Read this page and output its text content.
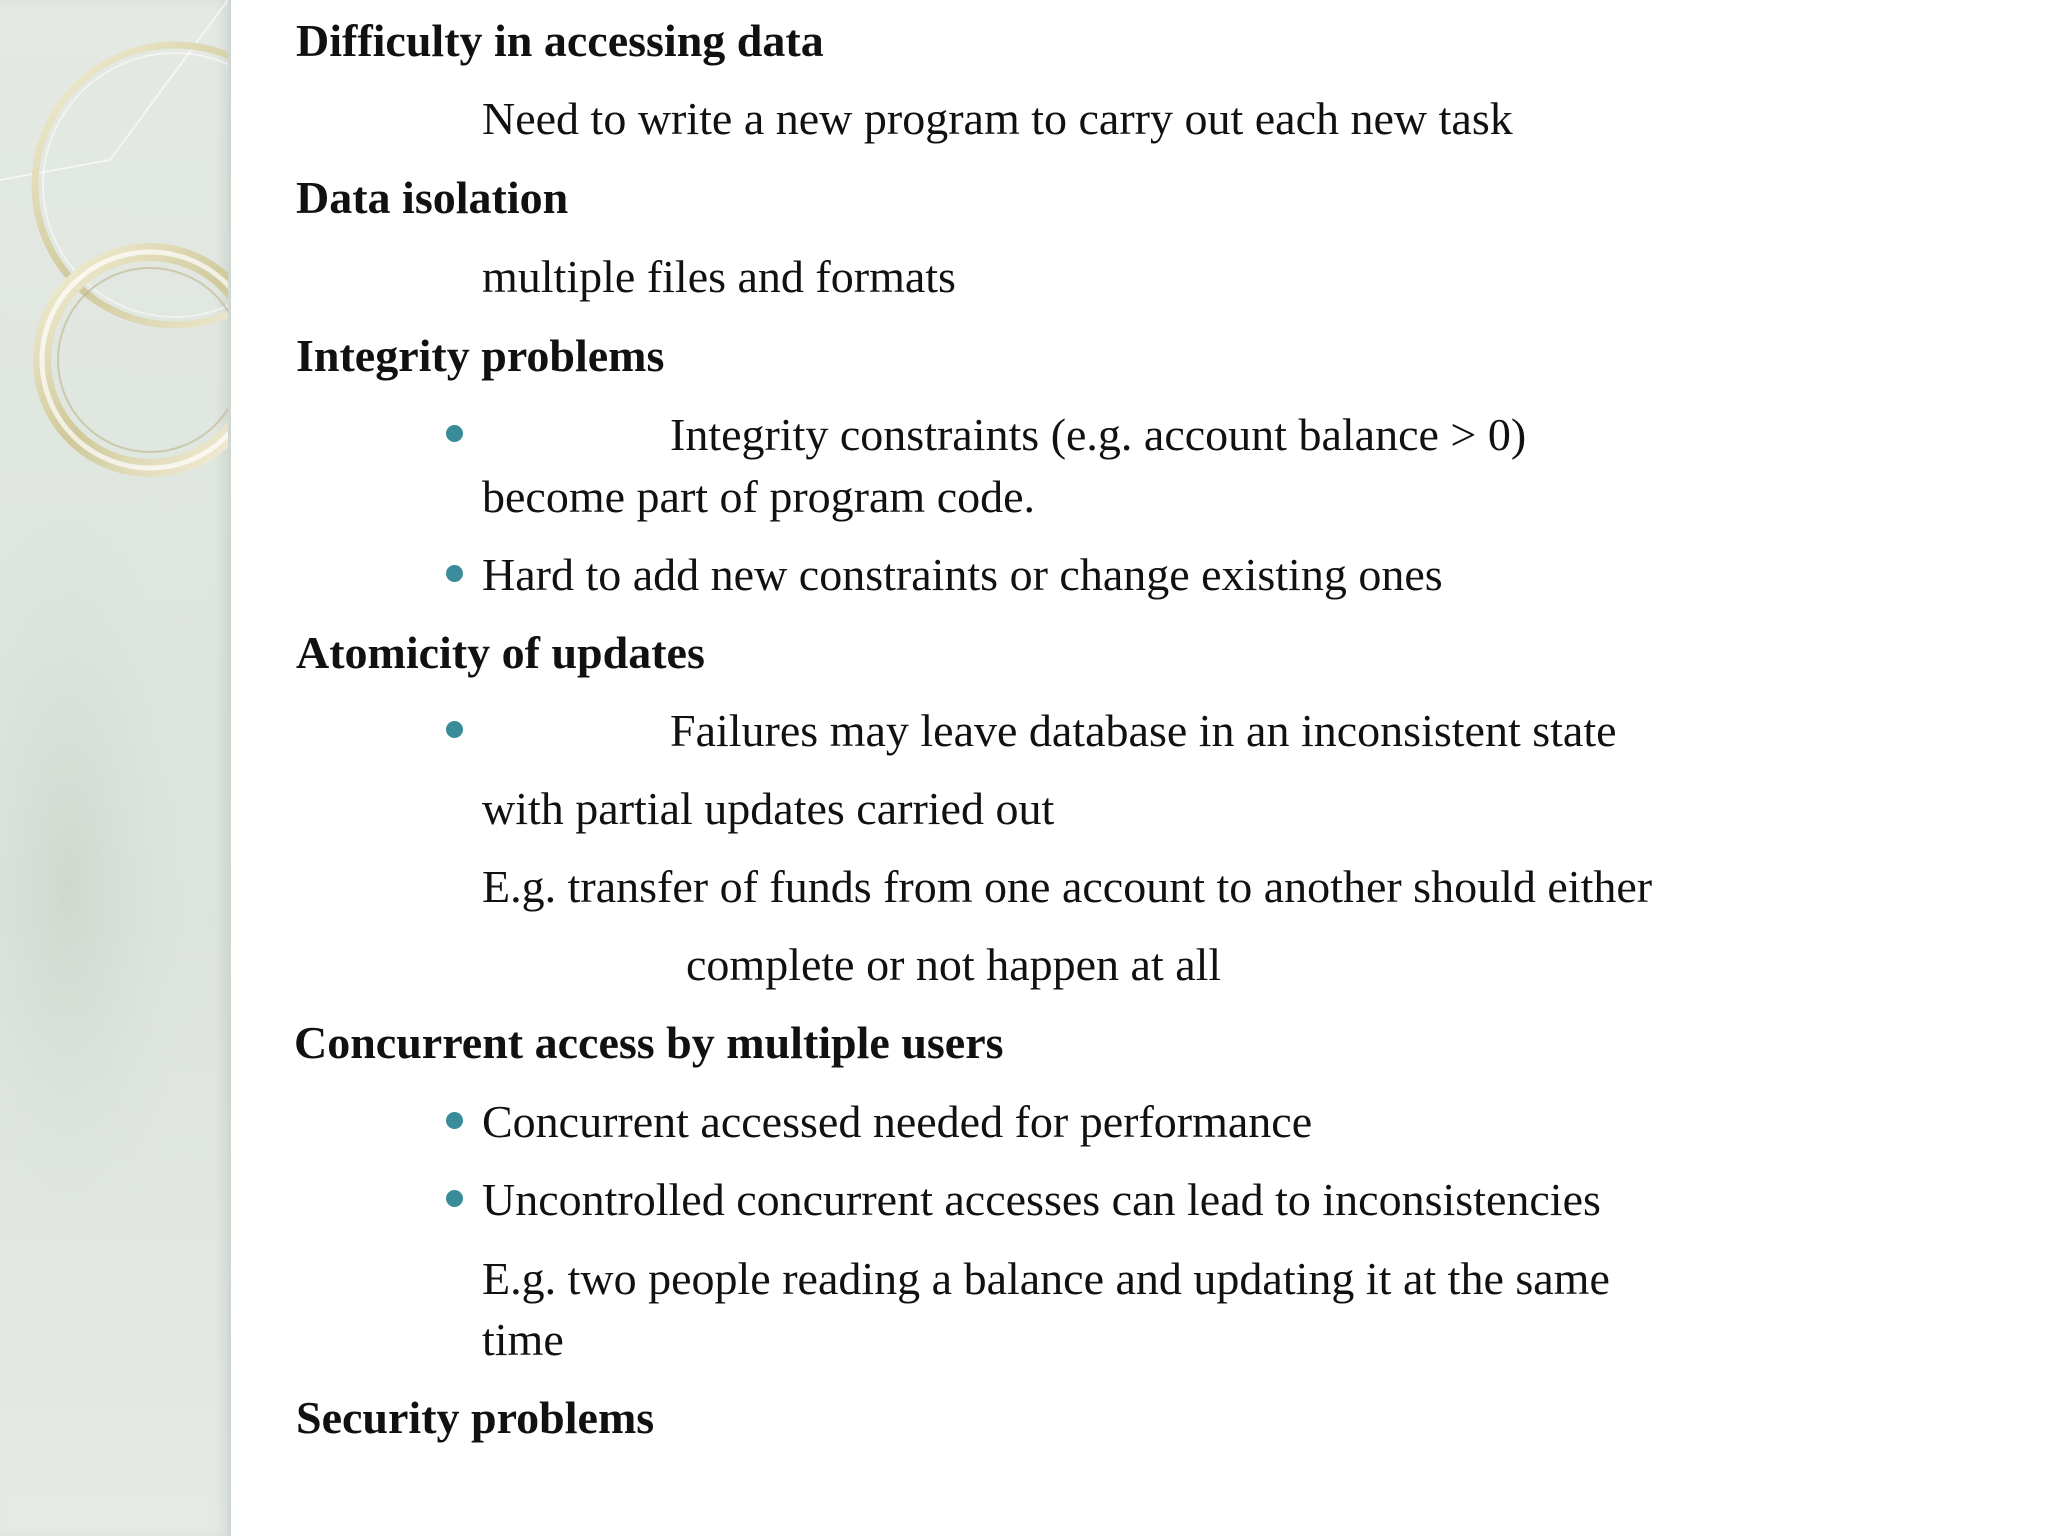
Difficulty in accessing data
Need to write a new program to carry out each new task
Data isolation
multiple files and formats
Integrity problems
Integrity constraints (e.g. account balance > 0)
become part of program code.
Hard to add new constraints or change existing ones
Atomicity of updates
Failures may leave database in an inconsistent state
with partial updates carried out
E.g. transfer of funds from one account to another should either
complete or not happen at all
Concurrent access by multiple users
Concurrent accessed needed for performance
Uncontrolled concurrent accesses can lead to inconsistencies
E.g. two people reading a balance and updating it at the same
time
Security problems
